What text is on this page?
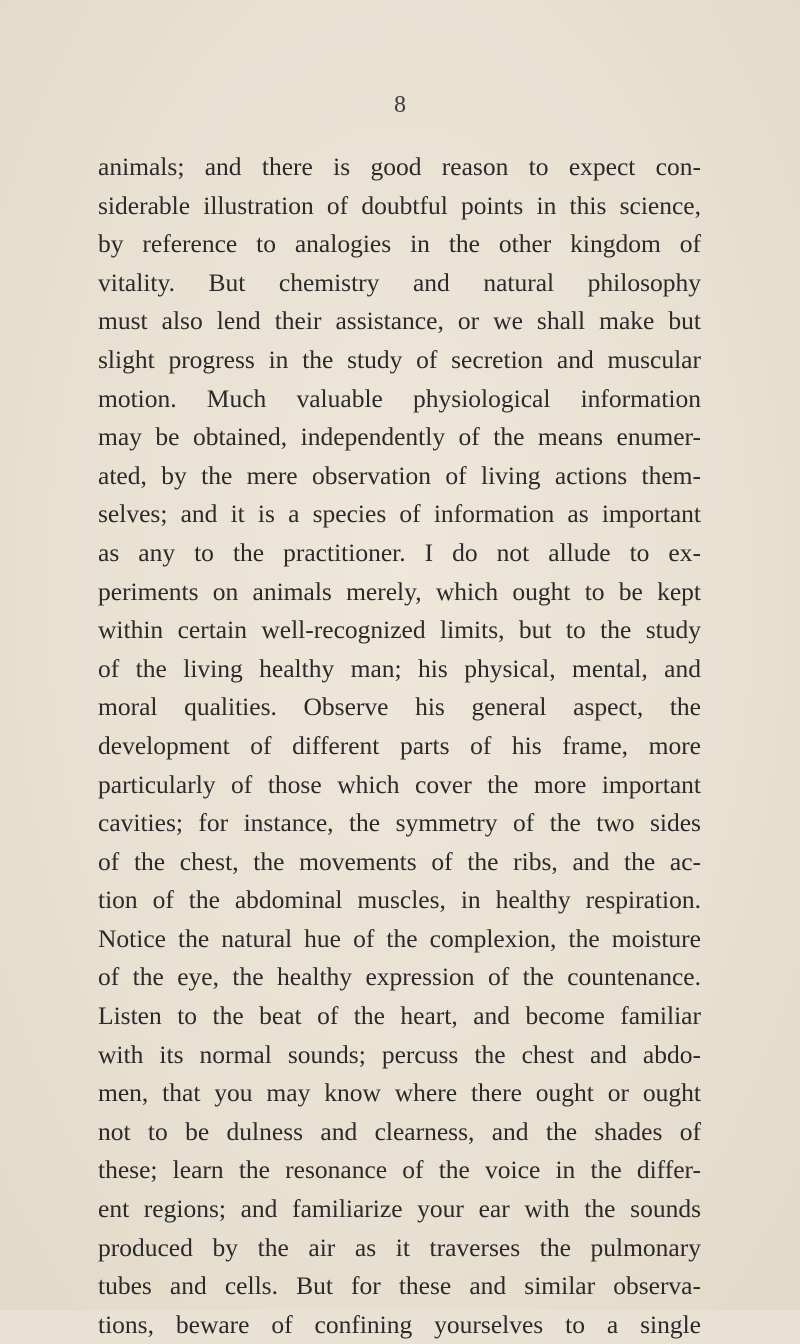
8
animals; and there is good reason to expect con-
siderable illustration of doubtful points in this science,
by reference to analogies in the other kingdom of
vitality. But chemistry and natural philosophy
must also lend their assistance, or we shall make but
slight progress in the study of secretion and muscular
motion. Much valuable physiological information
may be obtained, independently of the means enumer-
ated, by the mere observation of living actions them-
selves; and it is a species of information as important
as any to the practitioner. I do not allude to ex-
periments on animals merely, which ought to be kept
within certain well-recognized limits, but to the study
of the living healthy man; his physical, mental, and
moral qualities. Observe his general aspect, the
development of different parts of his frame, more
particularly of those which cover the more important
cavities; for instance, the symmetry of the two sides
of the chest, the movements of the ribs, and the ac-
tion of the abdominal muscles, in healthy respiration.
Notice the natural hue of the complexion, the moisture
of the eye, the healthy expression of the countenance.
Listen to the beat of the heart, and become familiar
with its normal sounds; percuss the chest and abdo-
men, that you may know where there ought or ought
not to be dulness and clearness, and the shades of
these; learn the resonance of the voice in the differ-
ent regions; and familiarize your ear with the sounds
produced by the air as it traverses the pulmonary
tubes and cells. But for these and similar observa-
tions, beware of confining yourselves to a single
